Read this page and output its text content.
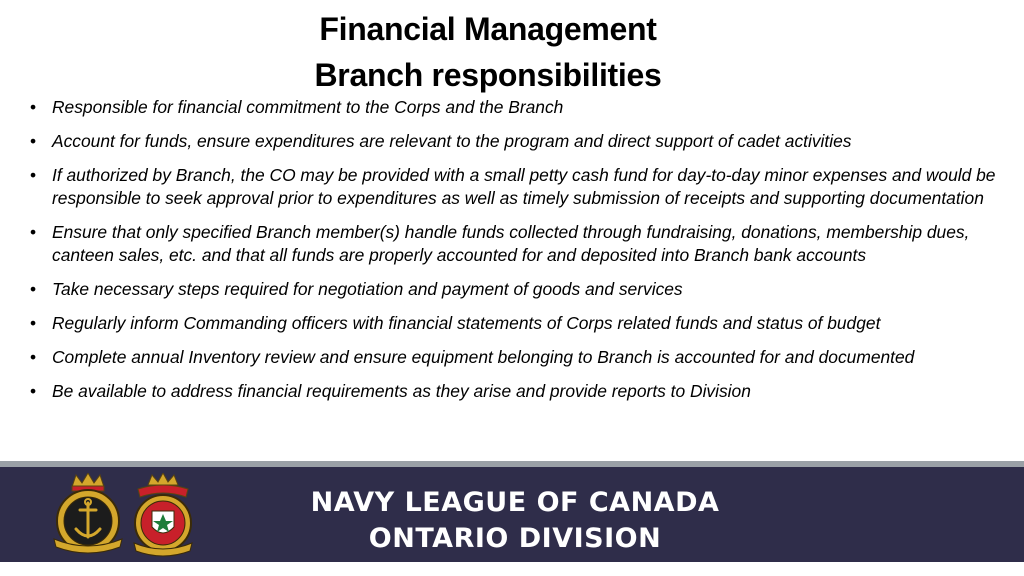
Financial Management
Branch responsibilities
• Responsible for financial commitment to the Corps and the Branch
• Account for funds, ensure expenditures are relevant to the program and direct support of cadet activities
• If authorized by Branch, the CO may be provided with a small petty cash fund for day-to-day minor expenses and would be responsible to seek approval prior to expenditures as well as timely submission of receipts and supporting documentation
• Ensure that only specified Branch member(s) handle funds collected through fundraising, donations, membership dues, canteen sales, etc. and that all funds are properly accounted for and deposited into Branch bank accounts
• Take necessary steps required for negotiation and payment of goods and services
• Regularly inform Commanding officers with financial statements of Corps related funds and status of budget
• Complete annual Inventory review and ensure equipment belonging to Branch is accounted for and documented
• Be available to address financial requirements as they arise and provide reports to Division
NAVY LEAGUE OF CANADA
ONTARIO DIVISION
